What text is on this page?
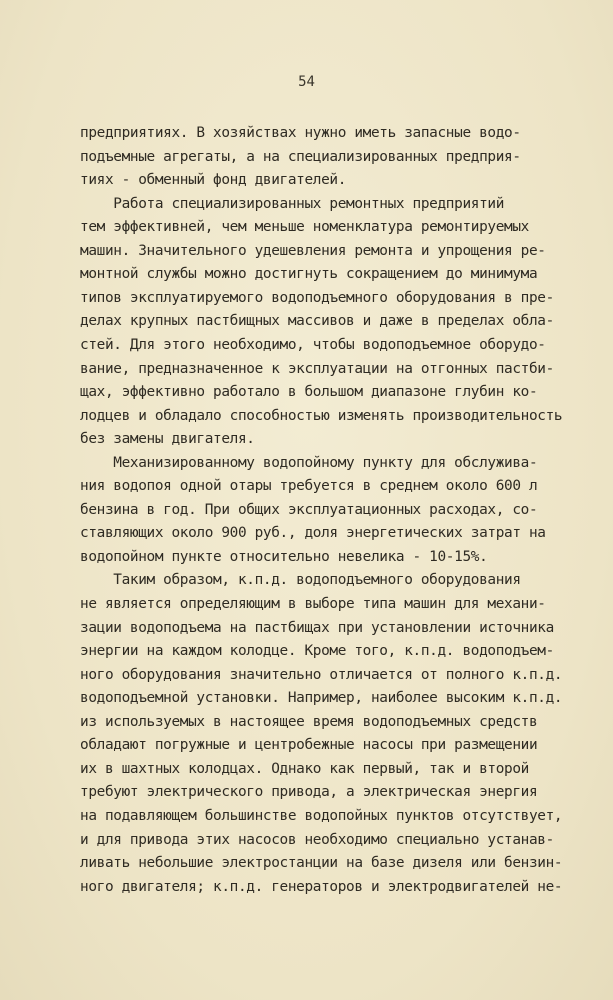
54
предприятиях. В хозяйствах нужно иметь запасные водо-
подъемные агрегаты, а на специализированных предприя-
тиях - обменный фонд двигателей.
Работа специализированных ремонтных предприятий
тем эффективней, чем меньше номенклатура ремонтируемых
машин. Значительного удешевления ремонта и упрощения ре-
монтной службы можно достигнуть сокращением до минимума
типов эксплуатируемого водоподъемного оборудования в пре-
делах крупных пастбищных массивов и даже в пределах обла-
стей. Для этого необходимо, чтобы водоподъемное оборудо-
вание, предназначенное к эксплуатации на отгонных пастби-
щах, эффективно работало в большом диапазоне глубин ко-
лодцев и обладало способностью изменять производительность
без замены двигателя.
Механизированному водопойному пункту для обслужива-
ния водопоя одной отары требуется в среднем около 600 л
бензина в год. При общих эксплуатационных расходах, со-
ставляющих около 900 руб., доля энергетических затрат на
водопойном пункте относительно невелика - 10-15%.
Таким образом, к.п.д. водоподъемного оборудования
не является определяющим в выборе типа машин для механи-
зации водоподъема на пастбищах при установлении источника
энергии на каждом колодце. Кроме того, к.п.д. водоподъем-
ного оборудования значительно отличается от полного к.п.д.
водоподъемной установки. Например, наиболее высоким к.п.д.
из используемых в настоящее время водоподъемных средств
обладают погружные и центробежные насосы при размещении
их в шахтных колодцах. Однако как первый, так и второй
требуют электрического привода, а электрическая энергия
на подавляющем большинстве водопойных пунктов отсутствует,
и для привода этих насосов необходимо специально устанав-
ливать небольшие электростанции на базе дизеля или бензин-
ного двигателя; к.п.д. генераторов и электродвигателей не-
